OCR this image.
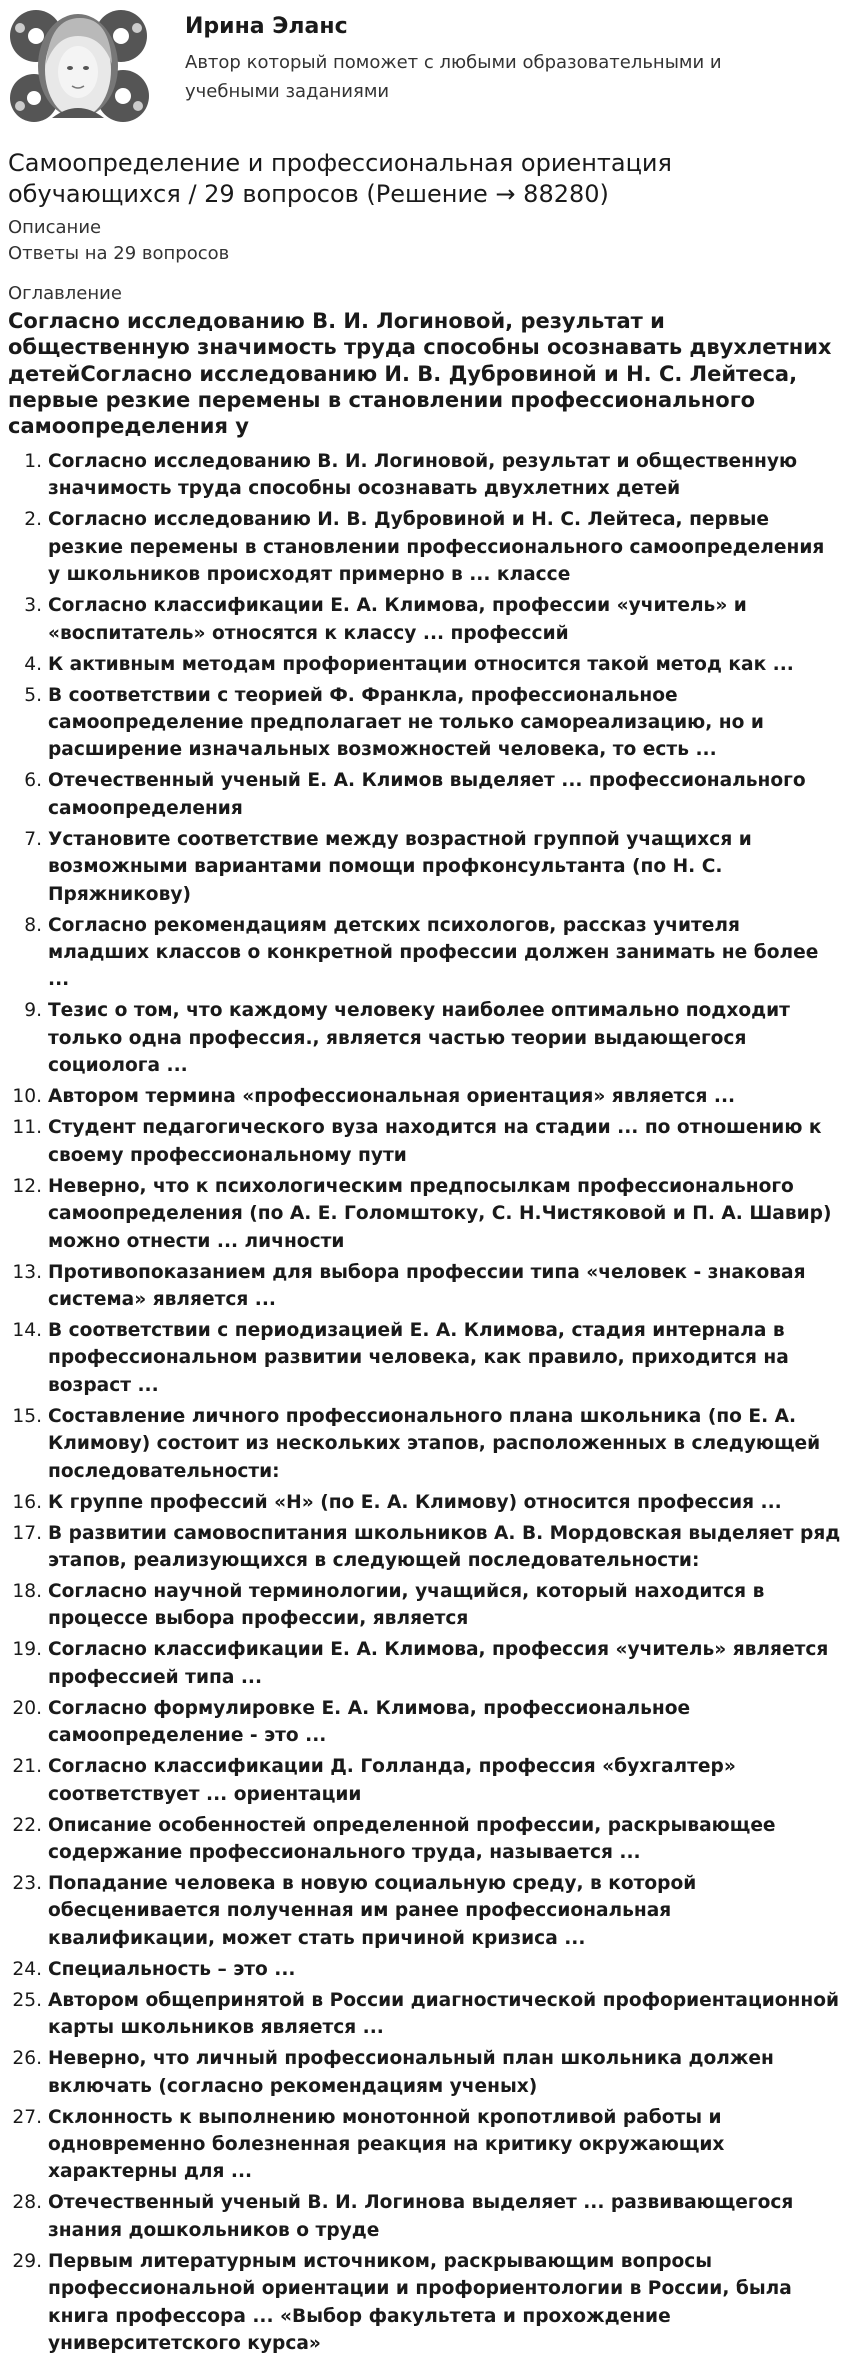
Ирина Эланс
Автор который поможет с любыми образовательными и учебными заданиями
Самоопределение и профессиональная ориентация обучающихся / 29 вопросов (Решение → 88280)
Описание
Ответы на 29 вопросов
Оглавление
Согласно исследованию В. И. Логиновой, результат и общественную значимость труда способны осознавать двухлетних детейСогласно исследованию И. В. Дубровиной и Н. С. Лейтеса, первые резкие перемены в становлении профессионального самоопределения у
1. Согласно исследованию В. И. Логиновой, результат и общественную значимость труда способны осознавать двухлетних детей
2. Согласно исследованию И. В. Дубровиной и Н. С. Лейтеса, первые резкие перемены в становлении профессионального самоопределения у школьников происходят примерно в ... классе
3. Согласно классификации Е. А. Климова, профессии «учитель» и «воспитатель» относятся к классу ... профессий
4. К активным методам профориентации относится такой метод как ...
5. В соответствии с теорией Ф. Франкла, профессиональное самоопределение предполагает не только самореализацию, но и расширение изначальных возможностей человека, то есть ...
6. Отечественный ученый Е. А. Климов выделяет ... профессионального самоопределения
7. Установите соответствие между возрастной группой учащихся и возможными вариантами помощи профконсультанта (по Н. С. Пряжникову)
8. Согласно рекомендациям детских психологов, рассказ учителя младших классов о конкретной профессии должен занимать не более ...
9. Тезис о том, что каждому человеку наиболее оптимально подходит только одна профессия., является частью теории выдающегося социолога ...
10. Автором термина «профессиональная ориентация» является ...
11. Студент педагогического вуза находится на стадии ... по отношению к своему профессиональному пути
12. Неверно, что к психологическим предпосылкам профессионального самоопределения (по А. Е. Голомштоку, С. Н.Чистяковой и П. А. Шавир) можно отнести ... личности
13. Противопоказанием для выбора профессии типа «человек - знаковая система» является ...
14. В соответствии с периодизацией Е. А. Климова, стадия интернала в профессиональном развитии человека, как правило, приходится на возраст ...
15. Составление личного профессионального плана школьника (по Е. А. Климову) состоит из нескольких этапов, расположенных в следующей последовательности:
16. К группе профессий «Н» (по Е. А. Климову) относится профессия ...
17. В развитии самовоспитания школьников А. В. Мордовская выделяет ряд этапов, реализующихся в следующей последовательности:
18. Согласно научной терминологии, учащийся, который находится в процессе выбора профессии, является
19. Согласно классификации Е. А. Климова, профессия «учитель» является профессией типа ...
20. Согласно формулировке Е. А. Климова, профессиональное самоопределение - это ...
21. Согласно классификации Д. Голланда, профессия «бухгалтер» соответствует ... ориентации
22. Описание особенностей определенной профессии, раскрывающее содержание профессионального труда, называется ...
23. Попадание человека в новую социальную среду, в которой обесценивается полученная им ранее профессиональная квалификации, может стать причиной кризиса ...
24. Специальность – это ...
25. Автором общепринятой в России диагностической профориентационной карты школьников является ...
26. Неверно, что личный профессиональный план школьника должен включать (согласно рекомендациям ученых)
27. Склонность к выполнению монотонной кропотливой работы и одновременно болезненная реакция на критику окружающих характерны для ...
28. Отечественный ученый В. И. Логинова выделяет ... развивающегося знания дошкольников о труде
29. Первым литературным источником, раскрывающим вопросы профессиональной ориентации и профориентологии в России, была книга профессора ... «Выбор факультета и прохождение университетского курса»
